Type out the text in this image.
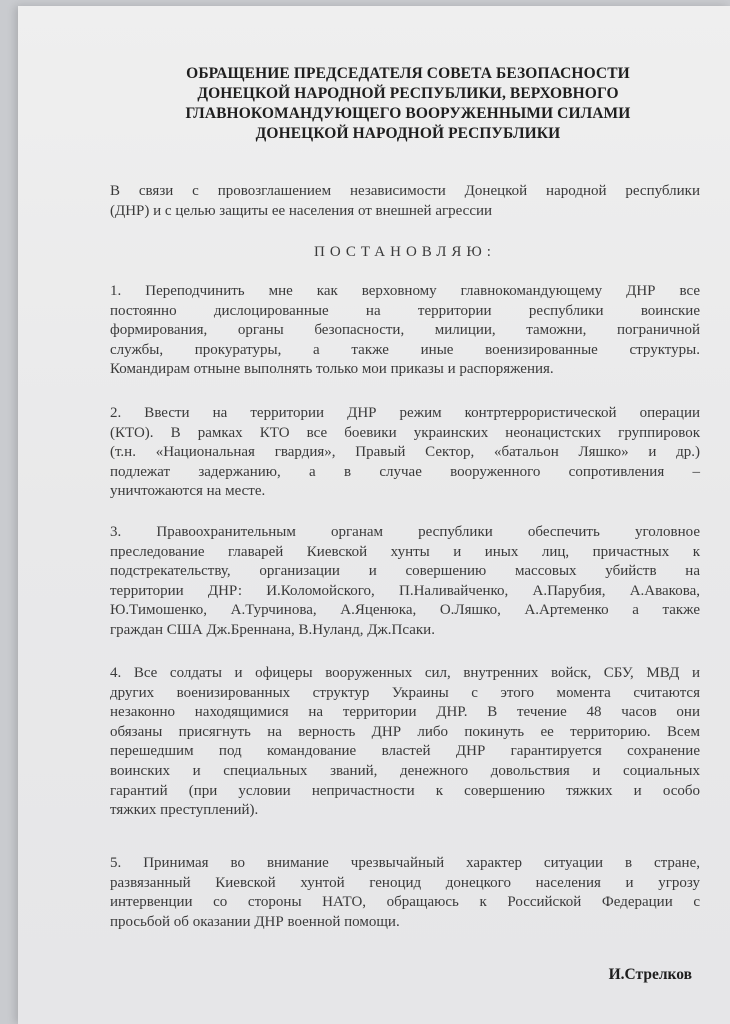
ОБРАЩЕНИЕ ПРЕДСЕДАТЕЛЯ СОВЕТА БЕЗОПАСНОСТИ
ДОНЕЦКОЙ НАРОДНОЙ РЕСПУБЛИКИ, ВЕРХОВНОГО
ГЛАВНОКОМАНДУЮЩЕГО ВООРУЖЕННЫМИ СИЛАМИ
ДОНЕЦКОЙ НАРОДНОЙ РЕСПУБЛИКИ
В связи с провозглашением независимости Донецкой народной республики
(ДНР) и с целью защиты ее населения от внешней агрессии
ПОСТАНОВЛЯЮ:
1. Переподчинить мне как верховному главнокомандующему ДНР все
постоянно дислоцированные на территории республики воинские
формирования, органы безопасности, милиции, таможни, пограничной
службы, прокуратуры, а также иные военизированные структуры.
Командирам отныне выполнять только мои приказы и распоряжения.
2. Ввести на территории ДНР режим контртеррористической операции
(КТО). В рамках КТО все боевики украинских неонацистских группировок
(т.н. «Национальная гвардия», Правый Сектор, «батальон Ляшко» и др.)
подлежат задержанию, а в случае вооруженного сопротивления –
уничтожаются на месте.
3. Правоохранительным органам республики обеспечить уголовное
преследование главарей Киевской хунты и иных лиц, причастных к
подстрекательству, организации и совершению массовых убийств на
территории ДНР: И.Коломойского, П.Наливайченко, А.Парубия, А.Авакова,
Ю.Тимошенко, А.Турчинова, А.Яценюка, О.Ляшко, А.Артеменко а также
граждан США Дж.Бреннана, В.Нуланд, Дж.Псаки.
4. Все солдаты и офицеры вооруженных сил, внутренних войск, СБУ, МВД и
других военизированных структур Украины с этого момента считаются
незаконно находящимися на территории ДНР. В течение 48 часов они
обязаны присягнуть на верность ДНР либо покинуть ее территорию. Всем
перешедшим под командование властей ДНР гарантируется сохранение
воинских и специальных званий, денежного довольствия и социальных
гарантий (при условии непричастности к совершению тяжких и особо
тяжких преступлений).
5. Принимая во внимание чрезвычайный характер ситуации в стране,
развязанный Киевской хунтой геноцид донецкого населения и угрозу
интервенции со стороны НАТО, обращаюсь к Российской Федерации с
просьбой об оказании ДНР военной помощи.
И.Стрелков
